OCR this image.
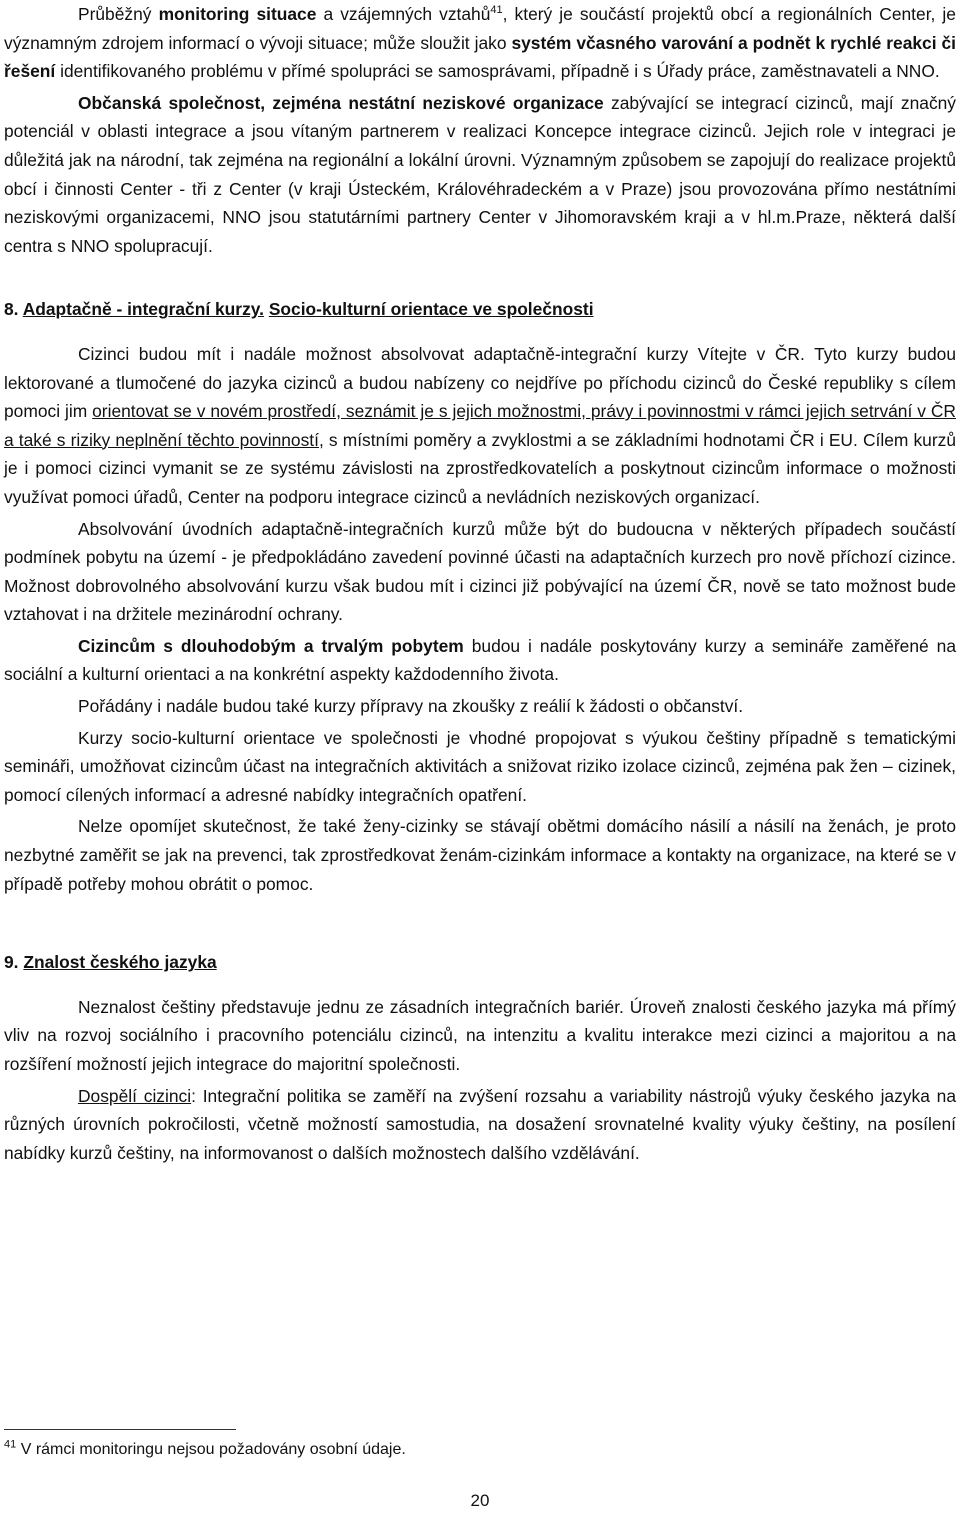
Průběžný monitoring situace a vzájemných vztahů$^{41}$, který je součástí projektů obcí a regionálních Center, je významným zdrojem informací o vývoji situace; může sloužit jako systém včasného varování a podnět k rychlé reakci či řešení identifikovaného problému v přímé spolupráci se samosprávami, případně i s Úřady práce, zaměstnavateli a NNO.

Občanská společnost, zejména nestátní neziskové organizace zabývající se integrací cizinců, mají značný potenciál v oblasti integrace a jsou vítaným partnerem v realizaci Koncepce integrace cizinců. Jejich role v integraci je důležitá jak na národní, tak zejména na regionální a lokální úrovni. Významným způsobem se zapojují do realizace projektů obcí i činnosti Center - tři z Center (v kraji Ústeckém, Královéhradeckém a v Praze) jsou provozována přímo nestátními neziskovými organizacemi, NNO jsou statutárními partnery Center v Jihomoravském kraji a v hl.m.Praze, některá další centra s NNO spolupracují.

8. Adaptačně - integrační kurzy. Socio-kulturní orientace ve společnosti

Cizinci budou mít i nadále možnost absolvovat adaptačně-integrační kurzy Vítejte v ČR. Tyto kurzy budou lektorované a tlumočené do jazyka cizinců a budou nabízeny co nejdříve po příchodu cizinců do České republiky s cílem pomoci jim orientovat se v novém prostředí, seznámit je s jejich možnostmi, právy i povinnostmi v rámci jejich setrvání v ČR a také s riziky neplnění těchto povinností, s místními poměry a zvyklostmi a se základními hodnotami ČR i EU. Cílem kurzů je i pomoci cizinci vymanit se ze systému závislosti na zprostředkovatelích a poskytnout cizincům informace o možnosti využívat pomoci úřadů, Center na podporu integrace cizinců a nevládních neziskových organizací.

Absolvování úvodních adaptačně-integračních kurzů může být do budoucna v některých případech součástí podmínek pobytu na území - je předpokládáno zavedení povinné účasti na adaptačních kurzech pro nově příchozí cizince. Možnost dobrovolného absolvování kurzu však budou mít i cizinci již pobývající na území ČR, nově se tato možnost bude vztahovat i na držitele mezinárodní ochrany.

Cizincům s dlouhodobým a trvalým pobytem budou i nadále poskytovány kurzy a semináře zaměřené na sociální a kulturní orientaci a na konkrétní aspekty každodenního života.

Pořádány i nadále budou také kurzy přípravy na zkoušky z reálií k žádosti o občanství.

Kurzy socio-kulturní orientace ve společnosti je vhodné propojovat s výukou češtiny případně s tematickými semináři, umožňovat cizincům účast na integračních aktivitách a snižovat riziko izolace cizinců, zejména pak žen – cizinek, pomocí cílených informací a adresné nabídky integračních opatření.

Nelze opomíjet skutečnost, že také ženy-cizinky se stávají obětmi domácího násilí a násilí na ženách, je proto nezbytné zaměřit se jak na prevenci, tak zprostředkovat ženám-cizinkám informace a kontakty na organizace, na které se v případě potřeby mohou obrátit o pomoc.

9. Znalost českého jazyka

Neznalost češtiny představuje jednu ze zásadních integračních bariér. Úroveň znalosti českého jazyka má přímý vliv na rozvoj sociálního i pracovního potenciálu cizinců, na intenzitu a kvalitu interakce mezi cizinci a majoritou a na rozšíření možností jejich integrace do majoritní společnosti.

Dospělí cizinci: Integrační politika se zaměří na zvýšení rozsahu a variability nástrojů výuky českého jazyka na různých úrovních pokročilosti, včetně možností samostudia, na dosažení srovnatelné kvality výuky češtiny, na posílení nabídky kurzů češtiny, na informovanost o dalších možnostech dalšího vzdělávání.

$^{41}$ V rámci monitoringu nejsou požadovány osobní údaje.
20
